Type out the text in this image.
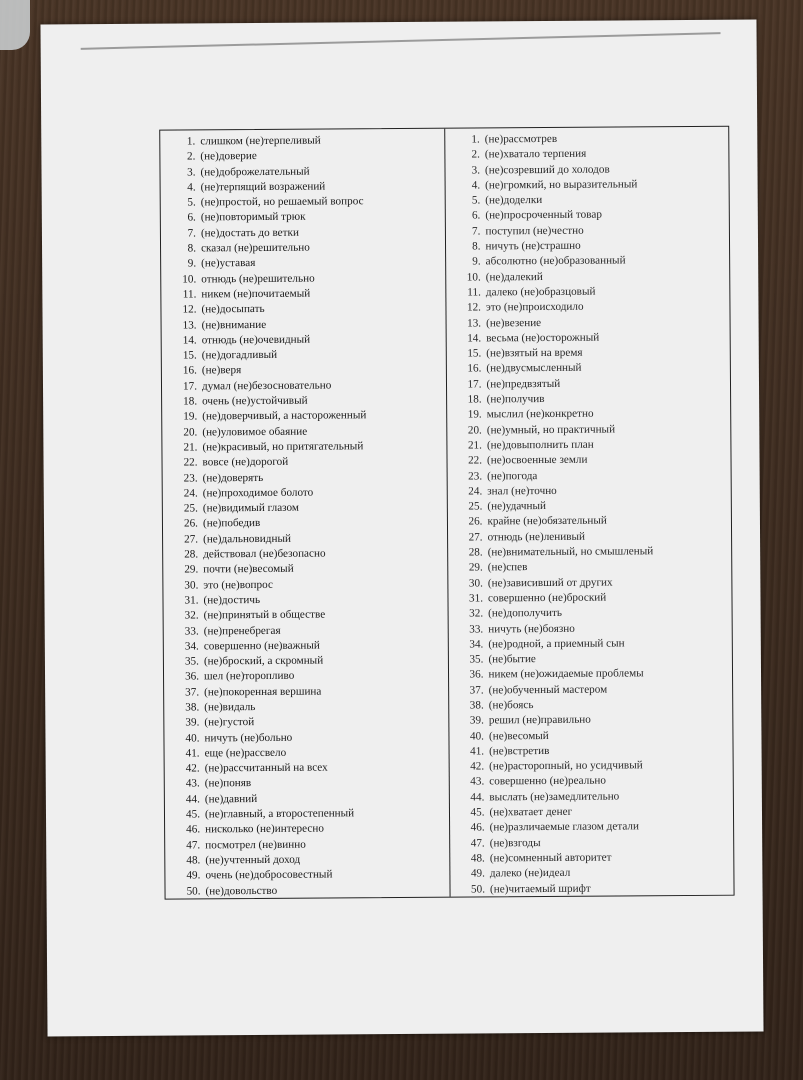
1. слишком (не)терпеливый
2. (не)доверие
3. (не)доброжелательный
4. (не)терпящий возражений
5. (не)простой, но решаемый вопрос
6. (не)повторимый трюк
7. (не)достать до ветки
8. сказал (не)решительно
9. (не)уставая
10. отнюдь (не)решительно
11. никем (не)почитаемый
12. (не)досыпать
13. (не)внимание
14. отнюдь (не)очевидный
15. (не)догадливый
16. (не)веря
17. думал (не)безосновательно
18. очень (не)устойчивый
19. (не)доверчивый, а настороженный
20. (не)уловимое обаяние
21. (не)красивый, но притягательный
22. вовсе (не)дорогой
23. (не)доверять
24. (не)проходимое болото
25. (не)видимый глазом
26. (не)победив
27. (не)дальновидный
28. действовал (не)безопасно
29. почти (не)весомый
30. это (не)вопрос
31. (не)достичь
32. (не)принятый в обществе
33. (не)пренебрегая
34. совершенно (не)важный
35. (не)броский, а скромный
36. шел (не)торопливо
37. (не)покоренная вершина
38. (не)видаль
39. (не)густой
40. ничуть (не)больно
41. еще (не)рассвело
42. (не)рассчитанный на всех
43. (не)поняв
44. (не)давний
45. (не)главный, а второстепенный
46. нисколько (не)интересно
47. посмотрел (не)винно
48. (не)учтенный доход
49. очень (не)добросовестный
50. (не)довольство
1. (не)рассмотрев
2. (не)хватало терпения
3. (не)созревший до холодов
4. (не)громкий, но выразительный
5. (не)доделки
6. (не)просроченный товар
7. поступил (не)честно
8. ничуть (не)страшно
9. абсолютно (не)образованный
10. (не)далекий
11. далеко (не)образцовый
12. это (не)происходило
13. (не)везение
14. весьма (не)осторожный
15. (не)взятый на время
16. (не)двусмысленный
17. (не)предвзятый
18. (не)получив
19. мыслил (не)конкретно
20. (не)умный, но практичный
21. (не)довыполнить план
22. (не)освоенные земли
23. (не)погода
24. знал (не)точно
25. (не)удачный
26. крайне (не)обязательный
27. отнюдь (не)ленивый
28. (не)внимательный, но смышленый
29. (не)спев
30. (не)зависивший от других
31. совершенно (не)броский
32. (не)дополучить
33. ничуть (не)боязно
34. (не)родной, а приемный сын
35. (не)бытие
36. никем (не)ожидаемые проблемы
37. (не)обученный мастером
38. (не)боясь
39. решил (не)правильно
40. (не)весомый
41. (не)встретив
42. (не)расторопный, но усидчивый
43. совершенно (не)реально
44. выслать (не)замедлительно
45. (не)хватает денег
46. (не)различаемые глазом детали
47. (не)взгоды
48. (не)сомненный авторитет
49. далеко (не)идеал
50. (не)читаемый шрифт
